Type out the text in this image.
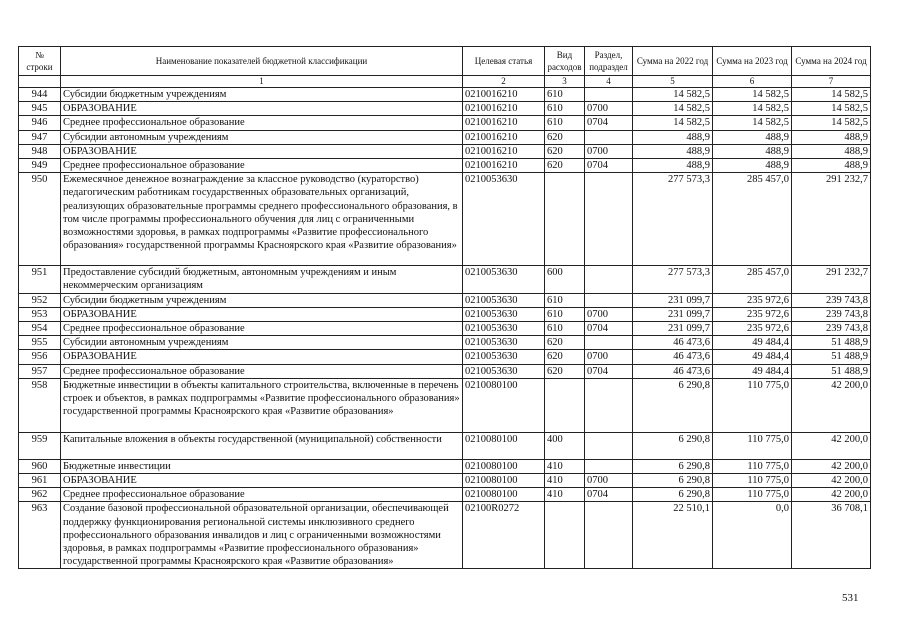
№ строки	Наименование показателей бюджетной классификации	Целевая статья	Вид расходов	Раздел, подраздел	Сумма на 2022 год	Сумма на 2023 год	Сумма на 2024 год
	1	2	3	4	5	6	7
944	Субсидии бюджетным учреждениям	0210016210	610		14 582,5	14 582,5	14 582,5
945	ОБРАЗОВАНИЕ	0210016210	610	0700	14 582,5	14 582,5	14 582,5
946	Среднее профессиональное образование	0210016210	610	0704	14 582,5	14 582,5	14 582,5
947	Субсидии автономным учреждениям	0210016210	620		488,9	488,9	488,9
948	ОБРАЗОВАНИЕ	0210016210	620	0700	488,9	488,9	488,9
949	Среднее профессиональное образование	0210016210	620	0704	488,9	488,9	488,9
950	Ежемесячное денежное вознаграждение за классное руководство (кураторство) педагогическим работникам государственных образовательных организаций, реализующих образовательные программы среднего профессионального образования, в том числе программы профессионального обучения для лиц с ограниченными возможностями здоровья, в рамках подпрограммы «Развитие профессионального образования» государственной программы Красноярского края «Развитие образования»	0210053630			277 573,3	285 457,0	291 232,7
951	Предоставление субсидий бюджетным, автономным учреждениям и иным некоммерческим организациям	0210053630	600		277 573,3	285 457,0	291 232,7
952	Субсидии бюджетным учреждениям	0210053630	610		231 099,7	235 972,6	239 743,8
953	ОБРАЗОВАНИЕ	0210053630	610	0700	231 099,7	235 972,6	239 743,8
954	Среднее профессиональное образование	0210053630	610	0704	231 099,7	235 972,6	239 743,8
955	Субсидии автономным учреждениям	0210053630	620		46 473,6	49 484,4	51 488,9
956	ОБРАЗОВАНИЕ	0210053630	620	0700	46 473,6	49 484,4	51 488,9
957	Среднее профессиональное образование	0210053630	620	0704	46 473,6	49 484,4	51 488,9
958	Бюджетные инвестиции в объекты капитального строительства, включенные в перечень строек и объектов, в рамках подпрограммы «Развитие профессионального образования» государственной программы Красноярского края «Развитие образования»	0210080100			6 290,8	110 775,0	42 200,0
959	Капитальные вложения в объекты государственной (муниципальной) собственности	0210080100	400		6 290,8	110 775,0	42 200,0
960	Бюджетные инвестиции	0210080100	410		6 290,8	110 775,0	42 200,0
961	ОБРАЗОВАНИЕ	0210080100	410	0700	6 290,8	110 775,0	42 200,0
962	Среднее профессиональное образование	0210080100	410	0704	6 290,8	110 775,0	42 200,0
963	Создание базовой профессиональной образовательной организации, обеспечивающей поддержку функционирования региональной системы инклюзивного среднего профессионального образования инвалидов и лиц с ограниченными возможностями здоровья, в рамках подпрограммы «Развитие профессионального образования» государственной программы Красноярского края «Развитие образования»	02100R0272			22 510,1	0,0	36 708,1
531
